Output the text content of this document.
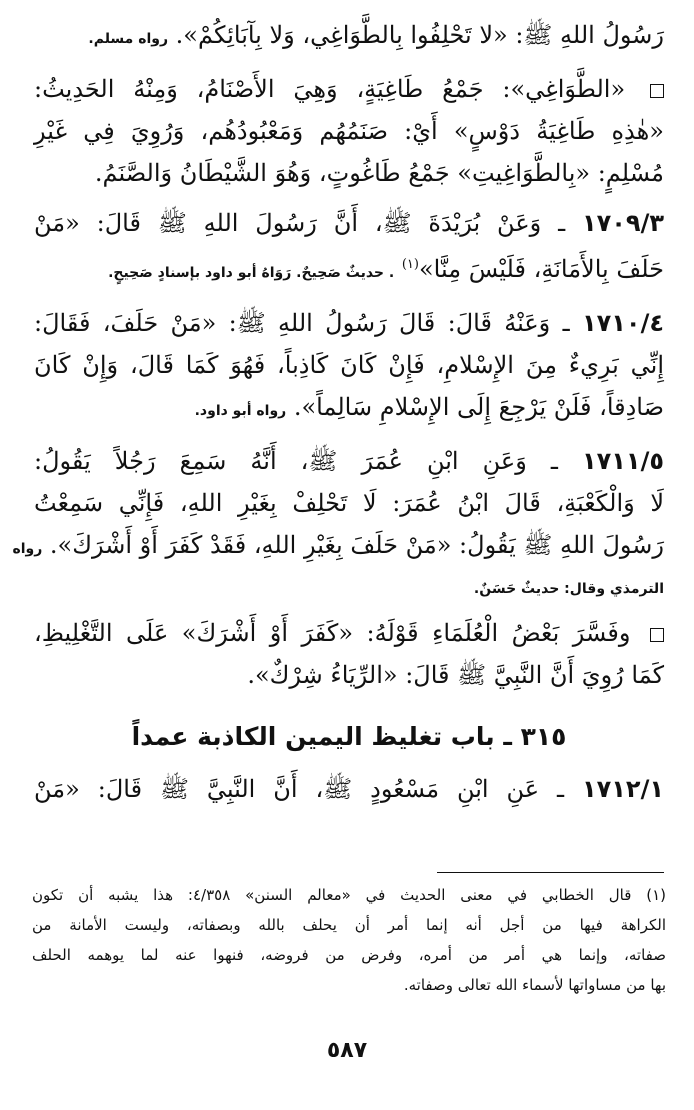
رَسُولُ اللهِ ﷺ: «لا تَحْلِفُوا بِالطَّوَاغِي، وَلا بِآبَائِكُمْ». رواه مسلم.
«الطَّوَاغِي»: جَمْعُ طَاغِيَةٍ، وَهِيَ الأَصْنَامُ، وَمِنْهُ الحَدِيثُ:
«هٰذِهِ طَاغِيَةُ دَوْسٍ» أَيْ: صَنَمُهُم وَمَعْبُودُهُم، وَرُوِيَ فِي غَيْرِ
مُسْلِمٍ: «بِالطَّوَاغِيتِ» جَمْعُ طَاغُوتٍ، وَهُوَ الشَّيْطَانُ وَالصَّنَمُ.
١٧٠٩/٣ ـ وَعَنْ بُرَيْدَةَ ﷺ، أَنَّ رَسُولَ اللهِ ﷺ قَالَ: «مَنْ
حَلَفَ بِالأَمَانَةِ، فَلَيْسَ مِنَّا»$^{(١)}$ . حديثٌ صَحِيحٌ. رَوَاهُ أبو داود بإسنادٍ صَحِيحٍ.
١٧١٠/٤ ـ وَعَنْهُ قَالَ: قَالَ رَسُولُ اللهِ ﷺ: «مَنْ حَلَفَ، فَقَالَ:
إِنِّي بَرِيءٌ مِنَ الإِسْلامِ، فَإِنْ كَانَ كَاذِباً، فَهُوَ كَمَا قَالَ، وَإِنْ كَانَ
صَادِقاً، فَلَنْ يَرْجِعَ إِلَى الإِسْلامِ سَالِماً». رواه أبو داود.
١٧١١/٥ ـ وَعَنِ ابْنِ عُمَرَ ﷺ، أَنَّهُ سَمِعَ رَجُلاً يَقُولُ:
لَا وَالْكَعْبَةِ، قَالَ ابْنُ عُمَرَ: لَا تَحْلِفْ بِغَيْرِ اللهِ، فَإِنِّي سَمِعْتُ
رَسُولَ اللهِ ﷺ يَقُولُ: «مَنْ حَلَفَ بِغَيْرِ اللهِ، فَقَدْ كَفَرَ أَوْ أَشْرَكَ». رواه
الترمذي وقال: حديثٌ حَسَنٌ.
وفَسَّرَ بَعْضُ الْعُلَمَاءِ قَوْلَهُ: «كَفَرَ أَوْ أَشْرَكَ» عَلَى التَّغْلِيظِ،
كَمَا رُوِيَ أَنَّ النَّبِيَّ ﷺ قَالَ: «الرِّيَاءُ شِرْكٌ».
٣١٥ ـ باب تغليظ اليمين الكاذبة عمداً
١٧١٢/١ ـ عَنِ ابْنِ مَسْعُودٍ ﷺ، أَنَّ النَّبِيَّ ﷺ قَالَ: «مَنْ
(١) قال الخطابي في معنى الحديث في «معالم السنن» ٤/٣٥٨: هذا يشبه أن تكون
الكراهة فيها من أجل أنه إنما أمر أن يحلف بالله وبصفاته، وليست الأمانة من
صفاته، وإنما هي أمر من أمره، وفرض من فروضه، فنهوا عنه لما يوهمه الحلف
بها من مساواتها لأسماء الله تعالى وصفاته.
٥٨٧
